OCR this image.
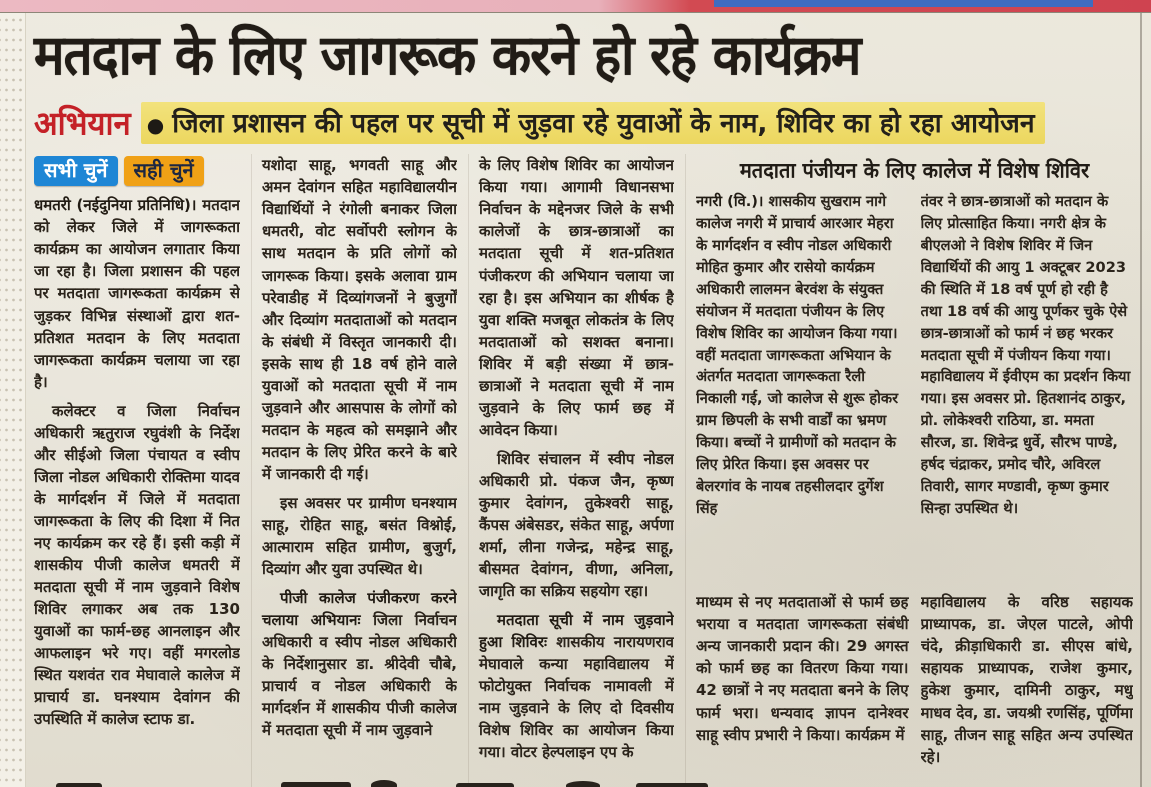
मतदान के लिए जागरूक करने हो रहे कार्यक्रम
अभियान ● जिला प्रशासन की पहल पर सूची में जुड़वा रहे युवाओं के नाम, शिविर का हो रहा आयोजन
सभी चुनें	सही चुनें

धमतरी (नईदुनिया प्रतिनिधि)। मतदान को लेकर जिले में जागरूकता कार्यक्रम का आयोजन लगातार किया जा रहा है। जिला प्रशासन की पहल पर मतदाता जागरूकता कार्यक्रम से जुड़कर विभिन्न संस्थाओं द्वारा शत-प्रतिशत मतदान के लिए मतदाता जागरूकता कार्यक्रम चलाया जा रहा है।

कलेक्टर व जिला निर्वाचन अधिकारी ऋतुराज रघुवंशी के निर्देश और सीईओ जिला पंचायत व स्वीप जिला नोडल अधिकारी रोक्तिमा यादव के मार्गदर्शन में जिले में मतदाता जागरूकता के लिए की दिशा में नित नए कार्यक्रम कर रहे हैं। इसी कड़ी में शासकीय पीजी कालेज धमतरी में मतदाता सूची में नाम जुड़वाने विशेष शिविर लगाकर अब तक 130 युवाओं का फार्म-छह आनलाइन और आफलाइन भरे गए। वहीं मगरलोड स्थित यशवंत राव मेघावाले कालेज में प्राचार्य डा. घनश्याम देवांगन की उपस्थिति में कालेज स्टाफ डा.

यशोदा साहू, भगवती साहू और अमन देवांगन सहित महाविद्यालयीन विद्यार्थियों ने रंगोली बनाकर जिला धमतरी, वोट सर्वोपरी स्लोगन के साथ मतदान के प्रति लोगों को जागरूक किया। इसके अलावा ग्राम परेवाडीह में दिव्यांगजनों ने बुजुर्गों और दिव्यांग मतदाताओं को मतदान के संबंधी में विस्तृत जानकारी दी। इसके साथ ही 18 वर्ष होने वाले युवाओं को मतदाता सूची में नाम जुड़वाने और आसपास के लोगों को मतदान के महत्व को समझाने और मतदान के लिए प्रेरित करने के बारे में जानकारी दी गई।

इस अवसर पर ग्रामीण घनश्याम साहू, रोहित साहू, बसंत विश्नोई, आत्माराम सहित ग्रामीण, बुजुर्ग, दिव्यांग और युवा उपस्थित थे।

पीजी कालेज पंजीकरण करने चलाया अभियानः जिला निर्वाचन अधिकारी व स्वीप नोडल अधिकारी के निर्देशानुसार डा. श्रीदेवी चौबे, प्राचार्य व नोडल अधिकारी के मार्गदर्शन में शासकीय पीजी कालेज में मतदाता सूची में नाम जुड़वाने

के लिए विशेष शिविर का आयोजन किया गया। आगामी विधानसभा निर्वाचन के मद्देनजर जिले के सभी कालेजों के छात्र-छात्राओं का मतदाता सूची में शत-प्रतिशत पंजीकरण की अभियान चलाया जा रहा है। इस अभियान का शीर्षक है युवा शक्ति मजबूत लोकतंत्र के लिए मतदाताओं को सशक्त बनाना। शिविर में बड़ी संख्या में छात्र-छात्राओं ने मतदाता सूची में नाम जुड़वाने के लिए फार्म छह में आवेदन किया।

शिविर संचालन में स्वीप नोडल अधिकारी प्रो. पंकज जैन, कृष्ण कुमार देवांगन, तुकेश्वरी साहू, कैंपस अंबेसडर, संकेत साहू, अर्पणा शर्मा, लीना गजेन्द्र, महेन्द्र साहू, बीसमत देवांगन, वीणा, अनिला, जागृति का सक्रिय सहयोग रहा।

मतदाता सूची में नाम जुड़वाने हुआ शिविरः शासकीय नारायणराव मेघावाले कन्या महाविद्यालय में फोटोयुक्त निर्वाचक नामावली में नाम जुड़वाने के लिए दो दिवसीय विशेष शिविर का आयोजन किया गया। वोटर हेल्पलाइन एप के

मतदाता पंजीयन के लिए कालेज में विशेष शिविर

नगरी (वि.)। शासकीय सुखराम नागे कालेज नगरी में प्राचार्य आरआर मेहरा के मार्गदर्शन व स्वीप नोडल अधिकारी मोहित कुमार और रासेयो कार्यक्रम अधिकारी लालमन बेरवंश के संयुक्त संयोजन में मतदाता पंजीयन के लिए विशेष शिविर का आयोजन किया गया। वहीं मतदाता जागरूकता अभियान के अंतर्गत मतदाता जागरूकता रैली निकाली गई, जो कालेज से शुरू होकर ग्राम छिपली के सभी वार्डों का भ्रमण किया। बच्चों ने ग्रामीणों को मतदान के लिए प्रेरित किया। इस अवसर पर बेलरगांव के नायब तहसीलदार दुर्गेश सिंह

तंवर ने छात्र-छात्राओं को मतदान के लिए प्रोत्साहित किया। नगरी क्षेत्र के बीएलओ ने विशेष शिविर में जिन विद्यार्थियों की आयु 1 अक्टूबर 2023 की स्थिति में 18 वर्ष पूर्ण हो रही है तथा 18 वर्ष की आयु पूर्णकर चुके ऐसे छात्र-छात्राओं को फार्म नं छह भरकर मतदाता सूची में पंजीयन किया गया। महाविद्यालय में ईवीएम का प्रदर्शन किया गया। इस अवसर प्रो. हितशानंद ठाकुर, प्रो. लोकेश्वरी राठिया, डा. ममता सौरज, डा. शिवेन्द्र धुर्वे, सौरभ पाण्डे, हर्षद चंद्राकर, प्रमोद चौरे, अविरल तिवारी, सागर मण्डावी, कृष्ण कुमार सिन्हा उपस्थित थे।

माध्यम से नए मतदाताओं से फार्म छह भराया व मतदाता जागरूकता संबंधी अन्य जानकारी प्रदान की। 29 अगस्त को फार्म छह का वितरण किया गया। 42 छात्रों ने नए मतदाता बनने के लिए फार्म भरा। धन्यवाद ज्ञापन दानेश्वर साहू स्वीप प्रभारी ने किया। कार्यक्रम में

महाविद्यालय के वरिष्ठ सहायक प्राध्यापक, डा. जेएल पाटले, ओपी चंदे, क्रीड़ाधिकारी डा. सीएस बांधे, सहायक प्राध्यापक, राजेश कुमार, हुकेश कुमार, दामिनी ठाकुर, मधु माधव देव, डा. जयश्री रणसिंह, पूर्णिमा साहू, तीजन साहू सहित अन्य उपस्थित रहे।
